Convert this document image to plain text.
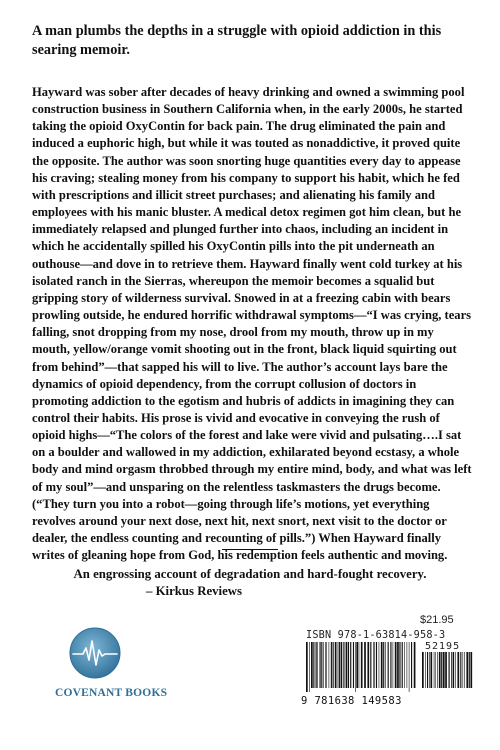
A man plumbs the depths in a struggle with opioid addiction in this searing memoir.

Hayward was sober after decades of heavy drinking and owned a swimming pool construction business in Southern California when, in the early 2000s, he started taking the opioid OxyContin for back pain. The drug eliminated the pain and induced a euphoric high, but while it was touted as nonaddictive, it proved quite the opposite. The author was soon snorting huge quantities every day to appease his craving; stealing money from his company to support his habit, which he fed with prescriptions and illicit street purchases; and alienating his family and employees with his manic bluster. A medical detox regimen got him clean, but he immediately relapsed and plunged further into chaos, including an incident in which he accidentally spilled his OxyContin pills into the pit underneath an outhouse—and dove in to retrieve them. Hayward finally went cold turkey at his isolated ranch in the Sierras, whereupon the memoir becomes a squalid but gripping story of wilderness survival. Snowed in at a freezing cabin with bears prowling outside, he endured horrific withdrawal symptoms—“I was crying, tears falling, snot dropping from my nose, drool from my mouth, throw up in my mouth, yellow/orange vomit shooting out in the front, black liquid squirting out from behind”—that sapped his will to live. The author’s account lays bare the dynamics of opioid dependency, from the corrupt collusion of doctors in promoting addiction to the egotism and hubris of addicts in imagining they can control their habits. His prose is vivid and evocative in conveying the rush of opioid highs—“The colors of the forest and lake were vivid and pulsating….I sat on a boulder and wallowed in my addiction, exhilarated beyond ecstasy, a whole body and mind orgasm throbbed through my entire mind, body, and what was left of my soul”—and unsparing on the relentless taskmasters the drugs become. (“They turn you into a robot—going through life’s motions, yet everything revolves around your next dose, next hit, next snort, next visit to the doctor or dealer, the endless counting and recounting of pills.”) When Hayward finally writes of gleaning hope from God, his redemption feels authentic and moving.

An engrossing account of degradation and hard-fought recovery.
– Kirkus Reviews
COVENANT BOOKS
$21.95
ISBN 978-1-63814-958-3
52195
9 781638 149583
